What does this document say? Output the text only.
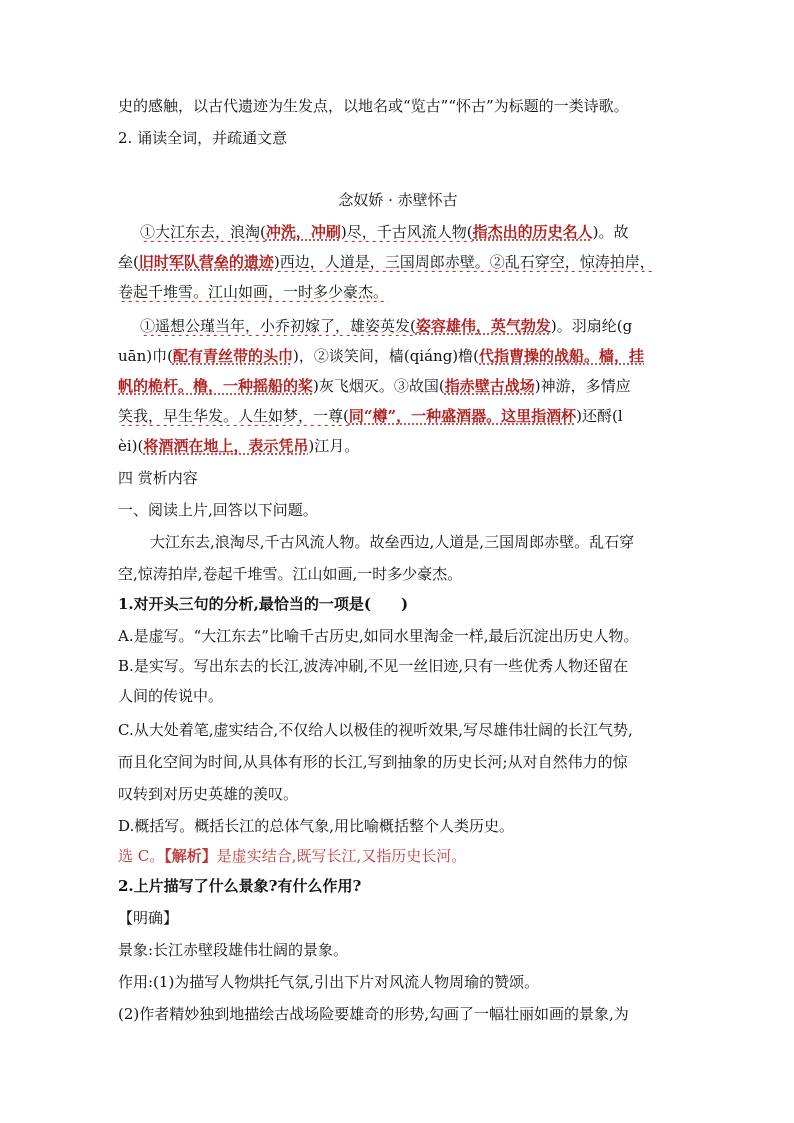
史的感触，以古代遗迹为生发点，以地名或“览古”“怀古”为标题的一类诗歌。
2. 诵读全词，并疏通文意
念奴娇 · 赤壁怀古
①大江东去，浪淘(冲洗，冲刷)尽，千古风流人物(指杰出的历史名人)。故
垒(旧时军队营垒的遗迹)西边，人道是，三国周郎赤壁。②乱石穿空，惊涛拍岸，
卷起千堆雪。江山如画，一时多少豪杰。
①遥想公瑾当年，小乔初嫁了，雄姿英发(姿容雄伟，英气勃发)。羽扇纶(g
uān)巾(配有青丝带的头巾)，②谈笑间，樯(qiáng)橹(代指曹操的战船。樯，挂
帆的桅杆。橹，一种摇船的桨)灰飞烟灭。③故国(指赤壁古战场)神游，多情应
笑我，早生华发。人生如梦，一尊(同“樽”，一种盛酒器。这里指酒杯)还酹(l
èi)(将酒洒在地上，表示凭吊)江月。
四 赏析内容
一、阅读上片,回答以下问题。
大江东去,浪淘尽,千古风流人物。故垒西边,人道是,三国周郎赤壁。乱石穿
空,惊涛拍岸,卷起千堆雪。江山如画,一时多少豪杰。
1.对开头三句的分析,最恰当的一项是(　　)
A.是虚写。“大江东去”比喻千古历史,如同水里淘金一样,最后沉淀出历史人物。
B.是实写。写出东去的长江,波涛冲刷,不见一丝旧迹,只有一些优秀人物还留在
人间的传说中。
C.从大处着笔,虚实结合,不仅给人以极佳的视听效果,写尽雄伟壮阔的长江气势,
而且化空间为时间,从具体有形的长江,写到抽象的历史长河;从对自然伟力的惊
叹转到对历史英雄的羡叹。
D.概括写。概括长江的总体气象,用比喻概括整个人类历史。
选 C。【解析】是虚实结合,既写长江,又指历史长河。
2.上片描写了什么景象?有什么作用?
【明确】
景象:长江赤壁段雄伟壮阔的景象。
作用:(1)为描写人物烘托气氛,引出下片对风流人物周瑜的赞颂。
(2)作者精妙独到地描绘古战场险要雄奇的形势,勾画了一幅壮丽如画的景象,为
